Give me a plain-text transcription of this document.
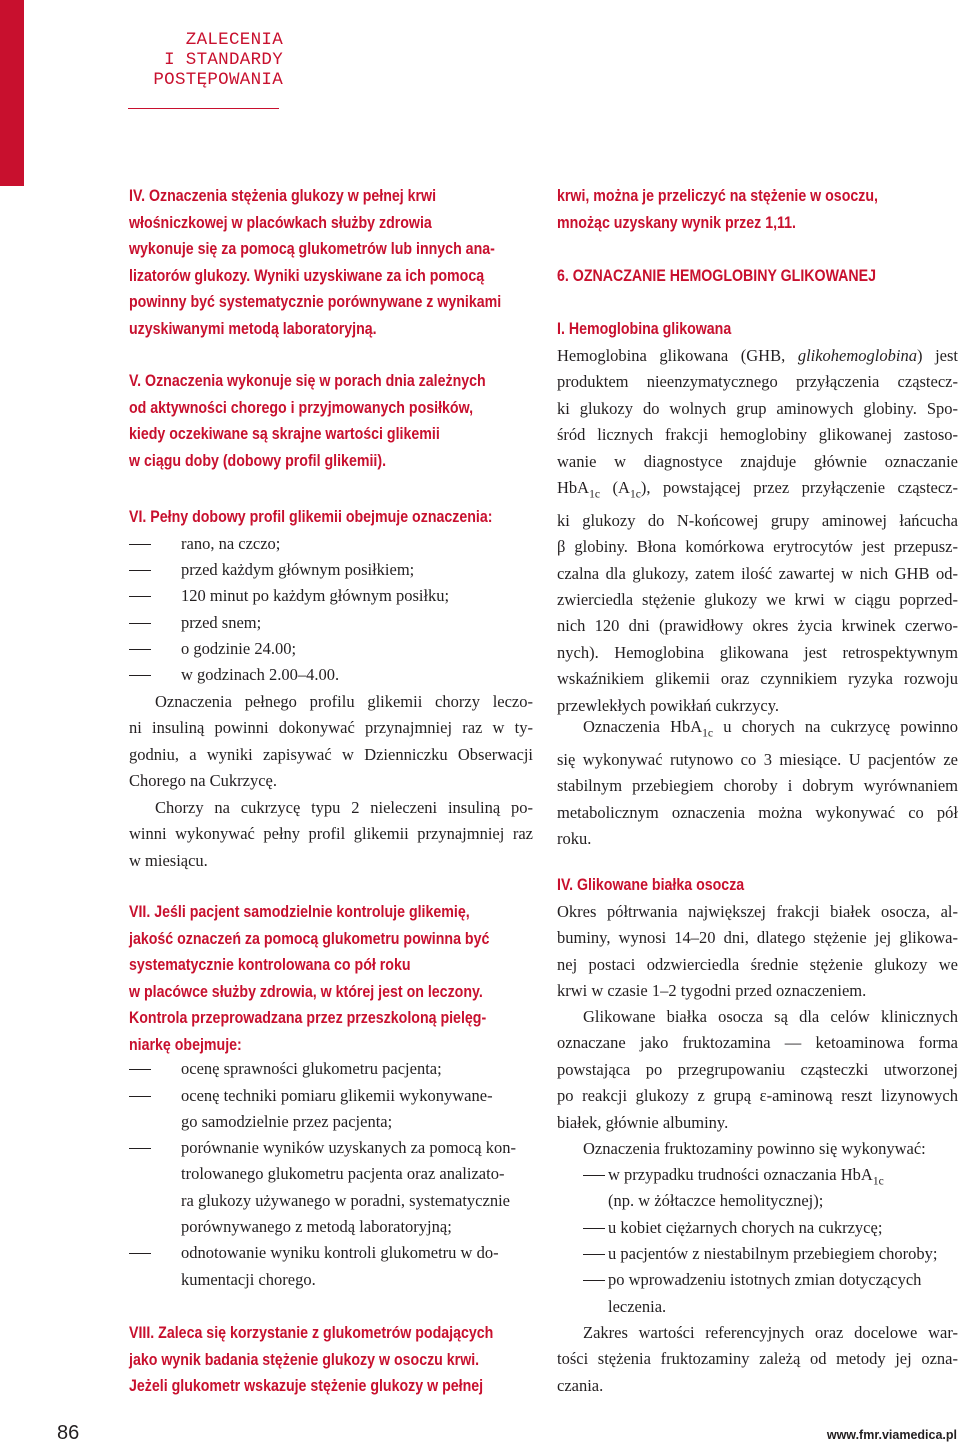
ZALECENIA
I STANDARDY
POSTĘPOWANIA
IV. Oznaczenia stężenia glukozy w pełnej krwi
włośniczkowej w placówkach służby zdrowia
wykonuje się za pomocą glukometrów lub innych ana-
lizatorów glukozy. Wyniki uzyskiwane za ich pomocą
powinny być systematycznie porównywane z wynikami
uzyskiwanymi metodą laboratoryjną.
V. Oznaczenia wykonuje się w porach dnia zależnych
od aktywności chorego i przyjmowanych posiłków,
kiedy oczekiwane są skrajne wartości glikemii
w ciągu doby (dobowy profil glikemii).
VI. Pełny dobowy profil glikemii obejmuje oznaczenia:
rano, na czczo;
przed każdym głównym posiłkiem;
120 minut po każdym głównym posiłku;
przed snem;
o godzinie 24.00;
w godzinach 2.00–4.00.
Oznaczenia pełnego profilu glikemii chorzy leczo-
ni insuliną powinni dokonywać przynajmniej raz w ty-
godniu, a wyniki zapisywać w Dzienniczku Obserwacji
Chorego na Cukrzycę.
Chorzy na cukrzycę typu 2 nieleczeni insuliną po-
winni wykonywać pełny profil glikemii przynajmniej raz
w miesiącu.
VII. Jeśli pacjent samodzielnie kontroluje glikemię,
jakość oznaczeń za pomocą glukometru powinna być
systematycznie kontrolowana co pół roku
w placówce służby zdrowia, w której jest on leczony.
Kontrola przeprowadzana przez przeszkoloną pielęg-
niarkę obejmuje:
ocenę sprawności glukometru pacjenta;
ocenę techniki pomiaru glikemii wykonywane-
go samodzielnie przez pacjenta;
porównanie wyników uzyskanych za pomocą kon-
trolowanego glukometru pacjenta oraz analizato-
ra glukozy używanego w poradni, systematycznie
porównywanego z metodą laboratoryjną;
odnotowanie wyniku kontroli glukometru w do-
kumentacji chorego.
VIII. Zaleca się korzystanie z glukometrów podających
jako wynik badania stężenie glukozy w osoczu krwi.
Jeżeli glukometr wskazuje stężenie glukozy w pełnej
krwi, można je przeliczyć na stężenie w osoczu,
mnożąc uzyskany wynik przez 1,11.
6. OZNACZANIE HEMOGLOBINY GLIKOWANEJ
I. Hemoglobina glikowana
Hemoglobina glikowana (GHB, glikohemoglobina) jest
produktem nieenzymatycznego przyłączenia cząstecz-
ki glukozy do wolnych grup aminowych globiny. Spo-
śród licznych frakcji hemoglobiny glikowanej zastoso-
wanie w diagnostyce znajduje głównie oznaczanie
HbA$_{1c}$ $(A_{1c})$, powstającej przez przyłączenie cząstecz-
ki glukozy do N-końcowej grupy aminowej łańcucha
β globiny. Błona komórkowa erytrocytów jest przepusz-
czalna dla glukozy, zatem ilość zawartej w nich GHB od-
zwierciedla stężenie glukozy we krwi w ciągu poprzed-
nich 120 dni (prawidłowy okres życia krwinek czerwo-
nych). Hemoglobina glikowana jest retrospektywnym
wskaźnikiem glikemii oraz czynnikiem ryzyka rozwoju
przewlekłych powikłań cukrzycy.
Oznaczenia HbA$_{1c}$ u chorych na cukrzycę powinno
się wykonywać rutynowo co 3 miesiące. U pacjentów ze
stabilnym przebiegiem choroby i dobrym wyrównaniem
metabolicznym oznaczenia można wykonywać co pół
roku.
IV. Glikowane białka osocza
Okres półtrwania największej frakcji białek osocza, al-
buminy, wynosi 14–20 dni, dlatego stężenie jej glikowa-
nej postaci odzwierciedla średnie stężenie glukozy we
krwi w czasie 1–2 tygodni przed oznaczeniem.
Glikowane białka osocza są dla celów klinicznych
oznaczane jako fruktozamina — ketoaminowa forma
powstająca po przegrupowaniu cząsteczki utworzonej
po reakcji glukozy z grupą ε-aminową reszt lizynowych
białek, głównie albuminy.
Oznaczenia fruktozaminy powinno się wykonywać:
w przypadku trudności oznaczania HbA$_{1c}$
(np. w żółtaczce hemolitycznej);
u kobiet ciężarnych chorych na cukrzycę;
u pacjentów z niestabilnym przebiegiem choroby;
po wprowadzeniu istotnych zmian dotyczących
leczenia.
Zakres wartości referencyjnych oraz docelowe war-
tości stężenia fruktozaminy zależą od metody jej ozna-
czania.
86	www.fmr.viamedica.pl
